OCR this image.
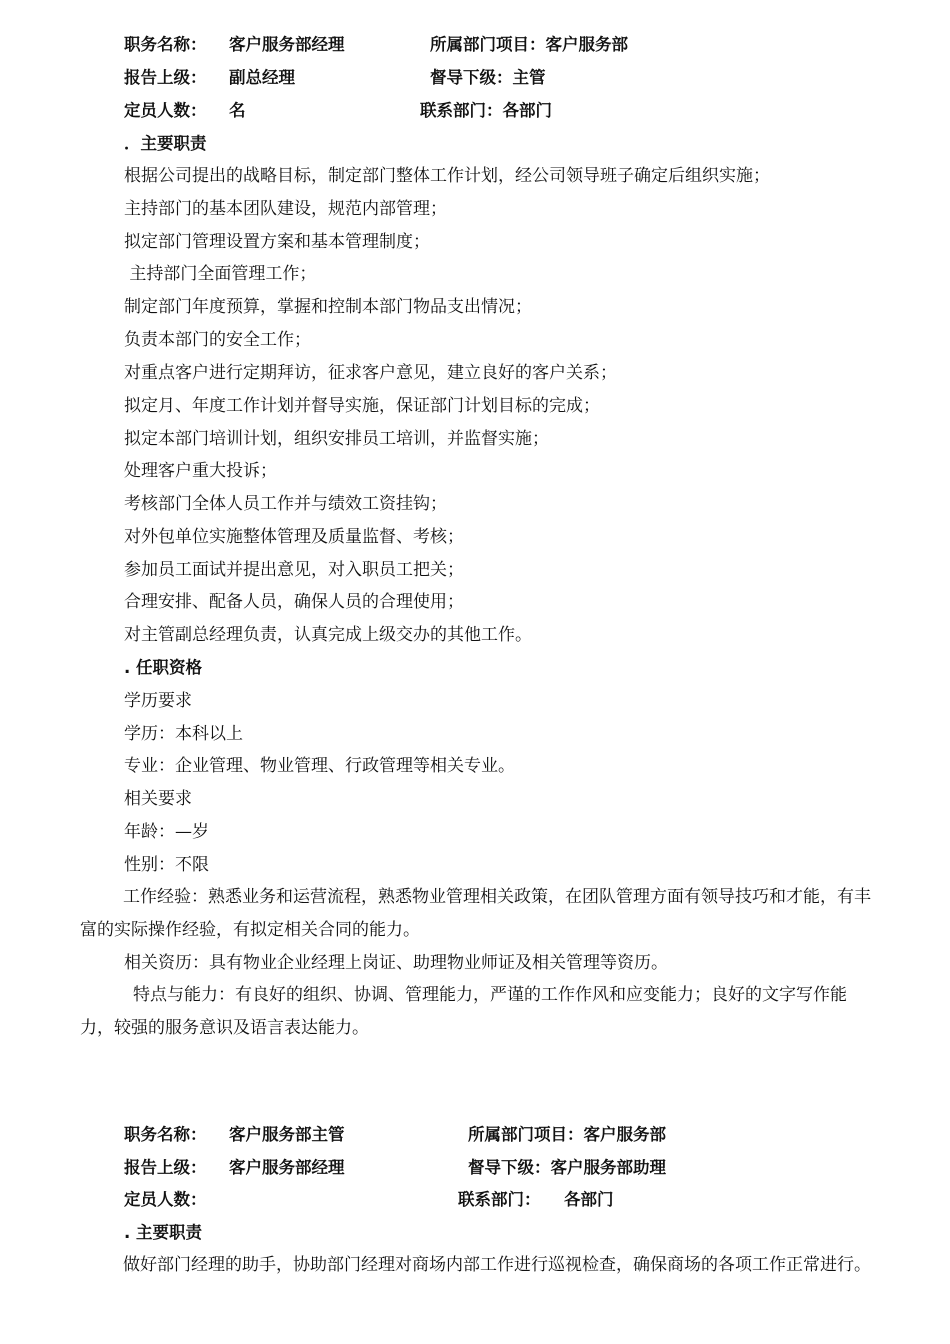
职务名称： 客户服务部经理	所属部门项目：客户服务部
报告上级： 副总经理	督导下级：主管
定员人数： 名	联系部门：各部门
．主要职责
根据公司提出的战略目标，制定部门整体工作计划，经公司领导班子确定后组织实施；
主持部门的基本团队建设，规范内部管理；
拟定部门管理设置方案和基本管理制度；
主持部门全面管理工作；
制定部门年度预算，掌握和控制本部门物品支出情况；
负责本部门的安全工作；
对重点客户进行定期拜访，征求客户意见，建立良好的客户关系；
拟定月、年度工作计划并督导实施，保证部门计划目标的完成；
拟定本部门培训计划，组织安排员工培训，并监督实施；
处理客户重大投诉；
考核部门全体人员工作并与绩效工资挂钩；
对外包单位实施整体管理及质量监督、考核；
参加员工面试并提出意见，对入职员工把关；
合理安排、配备人员，确保人员的合理使用；
对主管副总经理负责，认真完成上级交办的其他工作。
. 任职资格
学历要求
学历：本科以上
专业：企业管理、物业管理、行政管理等相关专业。
相关要求
年龄：—岁
性别：不限
工作经验：熟悉业务和运营流程，熟悉物业管理相关政策，在团队管理方面有领导技巧和才能，有丰富的实际操作经验，有拟定相关合同的能力。
相关资历：具有物业企业经理上岗证、助理物业师证及相关管理等资历。
特点与能力：有良好的组织、协调、管理能力，严谨的工作作风和应变能力；良好的文字写作能力，较强的服务意识及语言表达能力。
职务名称： 客户服务部主管	所属部门项目：客户服务部
报告上级： 客户服务部经理	督导下级：客户服务部助理
定员人数：	联系部门： 各部门
. 主要职责
做好部门经理的助手，协助部门经理对商场内部工作进行巡视检查，确保商场的各项工作正常进行。
